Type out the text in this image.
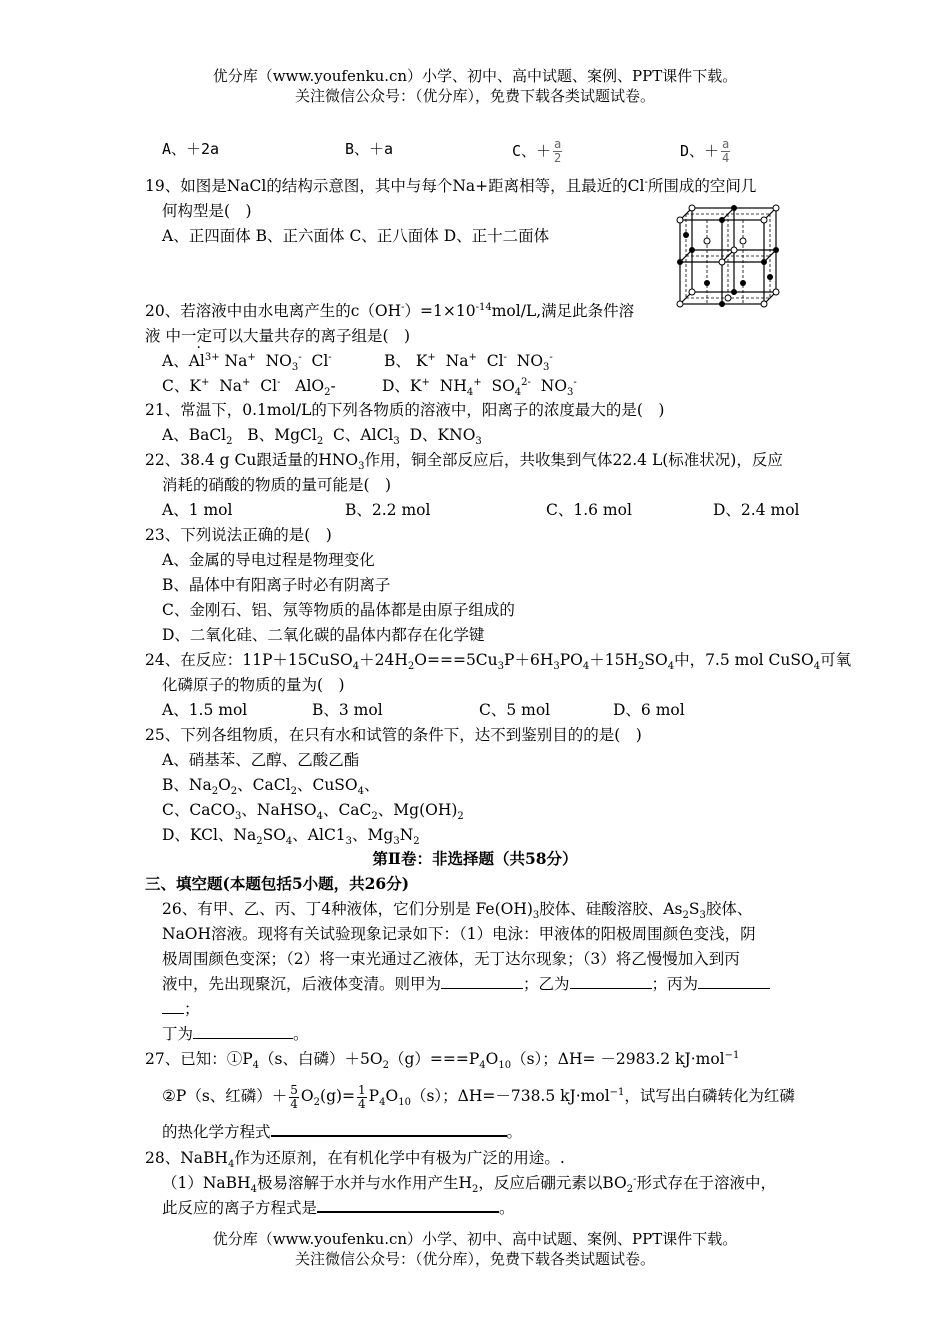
优分库（www.youfenku.cn）小学、初中、高中试题、案例、PPT课件下载。
关注微信公众号：（优分库），免费下载各类试题试卷。
A、＋2a	B、＋a	C、＋ $\frac{a}{2}$	D、＋ $\frac{a}{4}$
19、如图是NaCl的结构示意图，其中与每个Na+距离相等，且最近的Cl-所围成的空间几
何构型是(　)
A、正四面体 B、正六面体 C、正八面体 D、正十二面体
20、若溶液中由水电离产生的$c(OH^-)=1\times 10^{-14}mol/L$,满足此条件溶
液 中一定可以 ·大量共存的离子组是(　)
A、$Al^{3+}$ Na+  $NO_3^-$  Cl-	B、 K+  Na+  Cl-  $NO_3^-$
C、K+  Na+  Cl-   AlO$_2$-	D、K+  $NH_4^+$  $SO_4^{2-}$  $NO_3^-$
21、常温下，0.1mol/L的下列各物质的溶液中，阳离子的浓度最大的是(　)
A、BaCl$_2$   B、MgCl$_2$  C、AlCl$_3$  D、$KNO_3$
22、38.4 g Cu跟适量的$HNO_3$作用，铜全部反应后，共收集到气体22.4 L(标准状况)，反应
消耗的硝酸的物质的量可能是(　)
A、1 mol	B、2.2 mol	C、1.6 mol	D、2.4 mol
23、下列说法正确的是(　)
A、金属的导电过程是物理变化
B、晶体中有阳离子时必有阴离子
C、金刚石、铝、氖等物质的晶体都是由原子组成的
D、二氧化硅、二氧化碳的晶体内都存在化学键
24、在反应：$11P+15CuSO_4+24H_2O===5Cu_3P+6H_3PO_4+15H_2SO_4$中，7.5 mol CuSO$_4$可氧
化磷原子的物质的量为(　)
A、1.5 mol	B、3 mol	C、5 mol	D、6 mol
25、下列各组物质，在只有水和试管的条件下，达不到鉴别目的的是(　)
A、硝基苯、乙醇、乙酸乙酯
B、$Na_2O_2$、CaCl$_2$、CuSO$_4$、
C、CaCO$_3$、NaHSO$_4$、CaC$_2$、$Mg(OH)_2$
D、KCl、$Na_2SO_4$、$AlC1_3$、$Mg_3N_2$
第Ⅱ卷：非选择题（共58分）
三、填空题(本题包括5小题，共26分)
26、有甲、乙、丙、丁4种液体，它们分别是 $Fe(OH)_3$胶体、硅酸溶胶、$As_2S_3$胶体、
NaOH溶液。现将有关试验现象记录如下：（1）电泳：甲液体的阳极周围颜色变浅，阴
极周围颜色变深；（2）将一束光通过乙液体，无丁达尔现象；（3）将乙慢慢加入到丙
液中，先出现聚沉，后液体变清。则甲为	；乙为	；丙为
；
丁为	。
27、已知：$①P_4(s$、白磷）$+5O_2(g)===P_4O_{10}(s)$；ΔH= －2983.2 kJ·mol$^{-1}$
②P（s、红磷）＋ $\frac{5}{4} O_2(g)= \frac{1}{4} P_4O_{10}(s)$；ΔH=－738.5 kJ·mol$^{-1}$，试写出白磷转化为红磷
的热化学方程式	。
28、NaBH$_4$作为还原剂，在有机化学中有极为广泛的用途。.
（1）NaBH$_4$极易溶解于水并与水作用产生$H_2$，反应后硼元素以$BO_2^-$形式存在于溶液中，
此反应的离子方程式是	。
优分库（www.youfenku.cn）小学、初中、高中试题、案例、PPT课件下载。
关注微信公众号：（优分库），免费下载各类试题试卷。
